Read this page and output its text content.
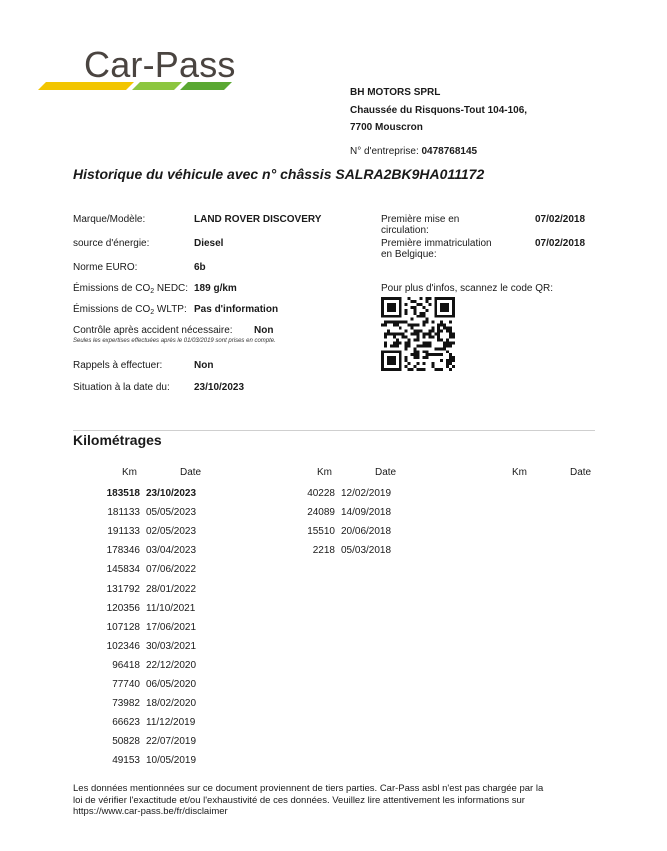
Car-Pass
BH MOTORS SPRL
Chaussée du Risquons-Tout 104-106,
7700 Mouscron
N° d'entreprise: 0478768145
Historique du véhicule avec n° châssis SALRA2BK9HA011172
Marque/Modèle:	LAND ROVER DISCOVERY
source d'énergie:	Diesel
Norme EURO:	6b
Émissions de $CO_2$ NEDC: 189 g/km
Émissions de $CO_2$ WLTP: Pas d'information
Contrôle après accident nécessaire: Non
Seules les expertises effectuées après le 01/03/2019 sont prises en compte.
Rappels à effectuer:	Non
Situation à la date du: 23/10/2023
Première mise en
circulation:
07/02/2018
Première immatriculation
en Belgique:
07/02/2018
Pour plus d'infos, scannez le code QR:
Kilométrages
Km	Date	Km	Date	Km	Date
183518 23/10/2023
181133 05/05/2023
191133 02/05/2023
178346 03/04/2023
145834 07/06/2022
131792 28/01/2022
120356 11/10/2021
107128 17/06/2021
102346 30/03/2021
96418 22/12/2020
77740 06/05/2020
73982 18/02/2020
66623 11/12/2019
50828 22/07/2019
49153 10/05/2019
40228 12/02/2019
24089 14/09/2018
15510 20/06/2018
2218 05/03/2018
Les données mentionnées sur ce document proviennent de tiers parties. Car-Pass asbl n'est pas chargée par la
loi de vérifier l'exactitude et/ou l'exhaustivité de ces données. Veuillez lire attentivement les informations sur
https://www.car-pass.be/fr/disclaimer
